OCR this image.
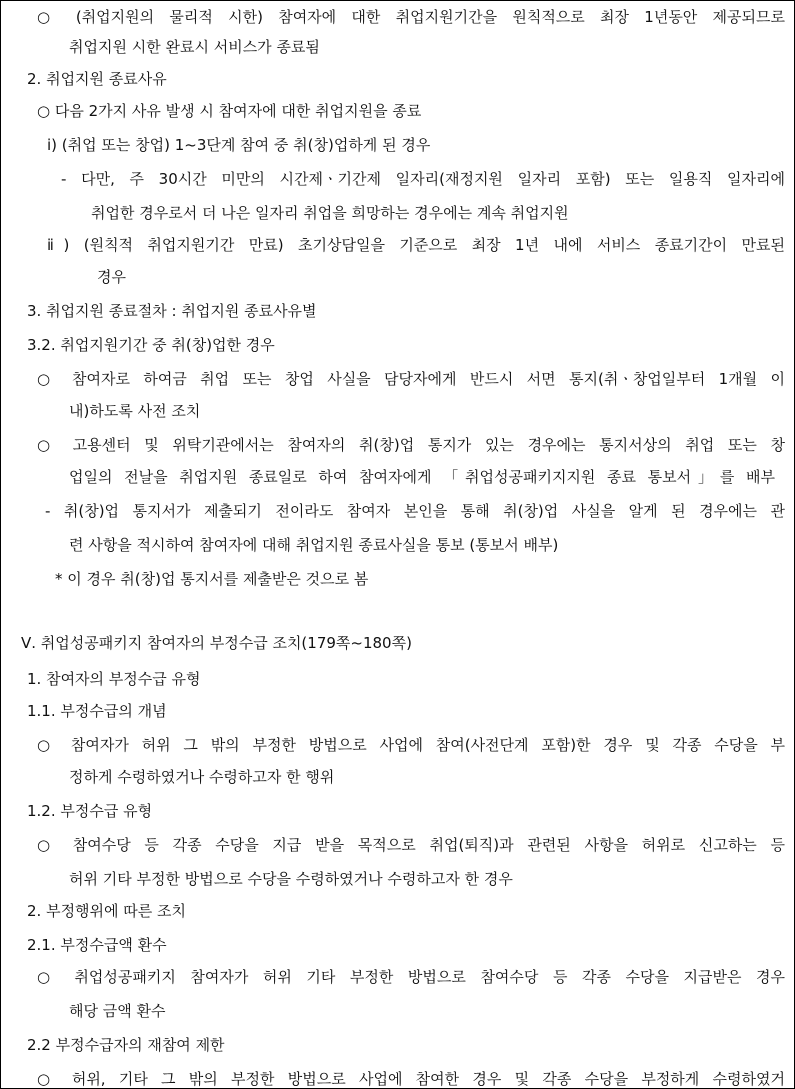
○ (취업지원의 물리적 시한) 참여자에 대한 취업지원기간을 원칙적으로 최장 1년동안 제공되므로
취업지원 시한 완료시 서비스가 종료됨
2. 취업지원 종료사유
○ 다음 2가지 사유 발생 시 참여자에 대한 취업지원을 종료
ⅰ) (취업 또는 창업) 1~3단계 참여 중 취(창)업하게 된 경우
- 다만, 주 30시간 미만의 시간제ㆍ기간제 일자리(재정지원 일자리 포함) 또는 일용직 일자리에
취업한 경우로서 더 나은 일자리 취업을 희망하는 경우에는 계속 취업지원
ⅱ) (원칙적 취업지원기간 만료) 초기상담일을 기준으로 최장 1년 내에 서비스 종료기간이 만료된
경우
3. 취업지원 종료절차 : 취업지원 종료사유별
3.2. 취업지원기간 중 취(창)업한 경우
○ 참여자로 하여금 취업 또는 창업 사실을 담당자에게 반드시 서면 통지(취ㆍ창업일부터 1개월 이
내)하도록 사전 조치
○ 고용센터 및 위탁기관에서는 참여자의 취(창)업 통지가 있는 경우에는 통지서상의 취업 또는 창
업일의 전날을 취업지원 종료일로 하여 참여자에게 「취업성공패키지지원 종료 통보서」를 배부
- 취(창)업 통지서가 제출되기 전이라도 참여자 본인을 통해 취(창)업 사실을 알게 된 경우에는 관
련 사항을 적시하여 참여자에 대해 취업지원 종료사실을 통보 (통보서 배부)
* 이 경우 취(창)업 통지서를 제출받은 것으로 봄
Ⅴ. 취업성공패키지 참여자의 부정수급 조치(179쪽~180쪽)
1. 참여자의 부정수급 유형
1.1. 부정수급의 개념
○ 참여자가 허위 그 밖의 부정한 방법으로 사업에 참여(사전단계 포함)한 경우 및 각종 수당을 부
정하게 수령하였거나 수령하고자 한 행위
1.2. 부정수급 유형
○ 참여수당 등 각종 수당을 지급 받을 목적으로 취업(퇴직)과 관련된 사항을 허위로 신고하는 등
허위 기타 부정한 방법으로 수당을 수령하였거나 수령하고자 한 경우
2. 부정행위에 따른 조치
2.1. 부정수급액 환수
○ 취업성공패키지 참여자가 허위 기타 부정한 방법으로 참여수당 등 각종 수당을 지급받은 경우
해당 금액 환수
2.2 부정수급자의 재참여 제한
○ 허위, 기타 그 밖의 부정한 방법으로 사업에 참여한 경우 및 각종 수당을 부정하게 수령하였거
